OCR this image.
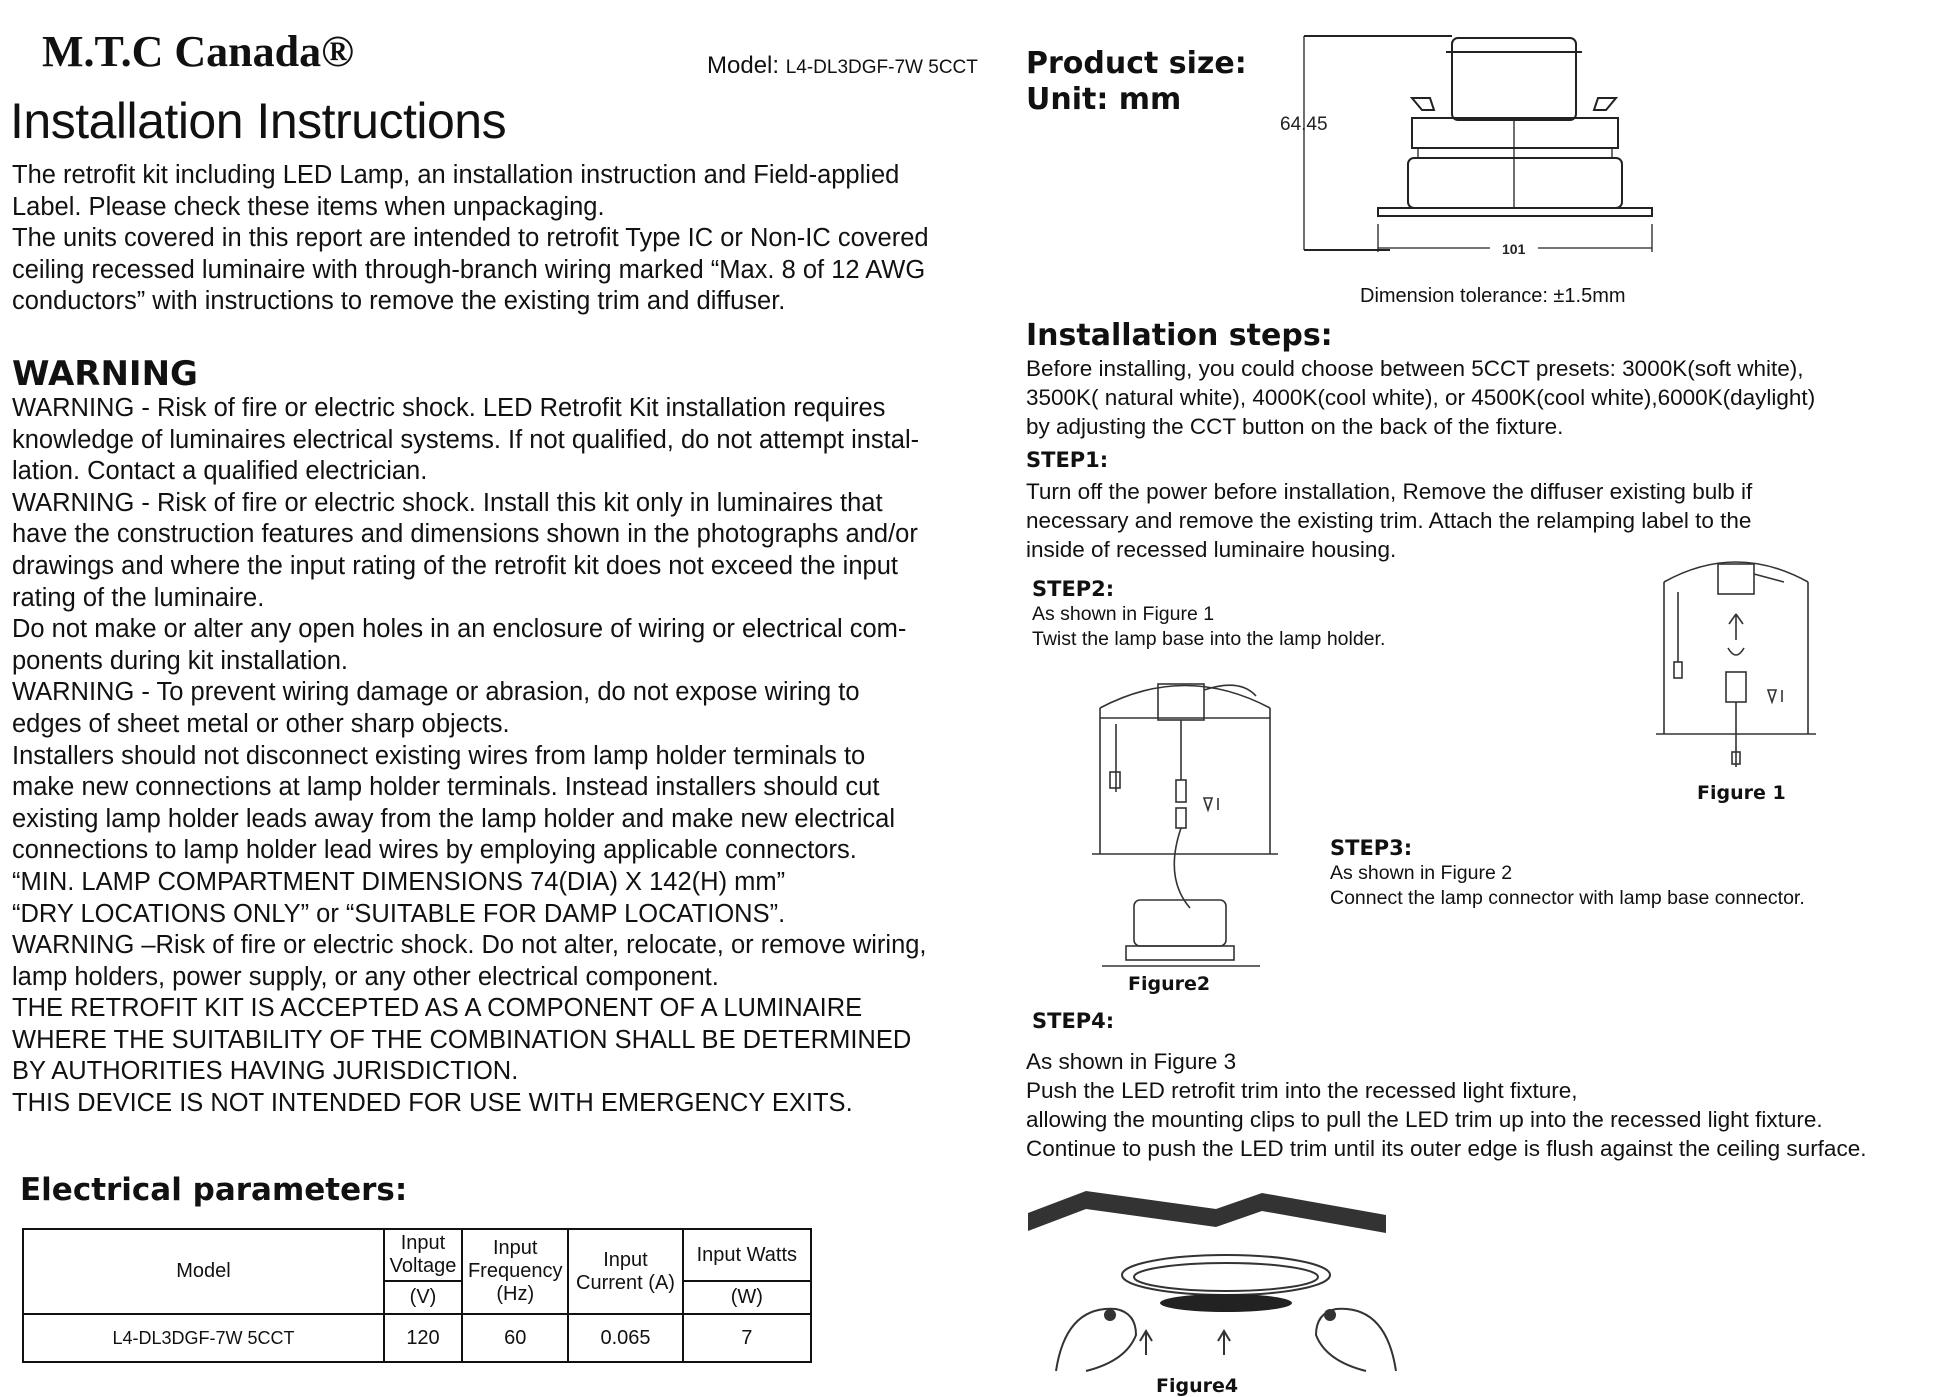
M.T.C Canada®	Model: L4-DL3DGF-7W 5CCT
Installation Instructions
The retrofit kit including LED Lamp, an installation instruction and Field-applied
Label. Please check these items when unpackaging.
The units covered in this report are intended to retrofit Type IC or Non-IC covered
ceiling recessed luminaire with through-branch wiring marked “Max. 8 of 12 AWG
conductors” with instructions to remove the existing trim and diffuser.
WARNING
WARNING - Risk of fire or electric shock. LED Retrofit Kit installation requires
knowledge of luminaires electrical systems. If not qualified, do not attempt instal-
lation. Contact a qualified electrician.
WARNING - Risk of fire or electric shock. Install this kit only in luminaires that
have the construction features and dimensions shown in the photographs and/or
drawings and where the input rating of the retrofit kit does not exceed the input
rating of the luminaire.
Do not make or alter any open holes in an enclosure of wiring or electrical com-
ponents during kit installation.
WARNING - To prevent wiring damage or abrasion, do not expose wiring to
edges of sheet metal or other sharp objects.
Installers should not disconnect existing wires from lamp holder terminals to
make new connections at lamp holder terminals. Instead installers should cut
existing lamp holder leads away from the lamp holder and make new electrical
connections to lamp holder lead wires by employing applicable connectors.
“MIN. LAMP COMPARTMENT DIMENSIONS 74(DIA) X 142(H) mm”
“DRY LOCATIONS ONLY” or “SUITABLE FOR DAMP LOCATIONS”.
WARNING –Risk of fire or electric shock. Do not alter, relocate, or remove wiring,
lamp holders, power supply, or any other electrical component.
THE RETROFIT KIT IS ACCEPTED AS A COMPONENT OF A LUMINAIRE
WHERE THE SUITABILITY OF THE COMBINATION SHALL BE DETERMINED
BY AUTHORITIES HAVING JURISDICTION.
THIS DEVICE IS NOT INTENDED FOR USE WITH EMERGENCY EXITS.
Electrical parameters:
Model	Input Voltage	Input Frequency (Hz)	Input Current (A)	Input Watts
	(V)			(W)
L4-DL3DGF-7W 5CCT	120	60	0.065	7
Product size:
Unit: mm
64.45
101
Dimension tolerance: ±1.5mm
Installation steps:
Before installing, you could choose between 5CCT presets: 3000K(soft white),
3500K( natural white), 4000K(cool white), or 4500K(cool white),6000K(daylight)
by adjusting the CCT button on the back of the fixture.
STEP1:
Turn off the power before installation, Remove the diffuser existing bulb if
necessary and remove the existing trim. Attach the relamping label to the
inside of recessed luminaire housing.
STEP2:
As shown in Figure 1
Twist the lamp base into the lamp holder.
Figure 1
Figure2
STEP3:
As shown in Figure 2
Connect the lamp connector with lamp base connector.
STEP4:
As shown in Figure 3
Push the LED retrofit trim into the recessed light fixture,
allowing the mounting clips to pull the LED trim up into the recessed light fixture.
Continue to push the LED trim until its outer edge is flush against the ceiling surface.
Figure4
